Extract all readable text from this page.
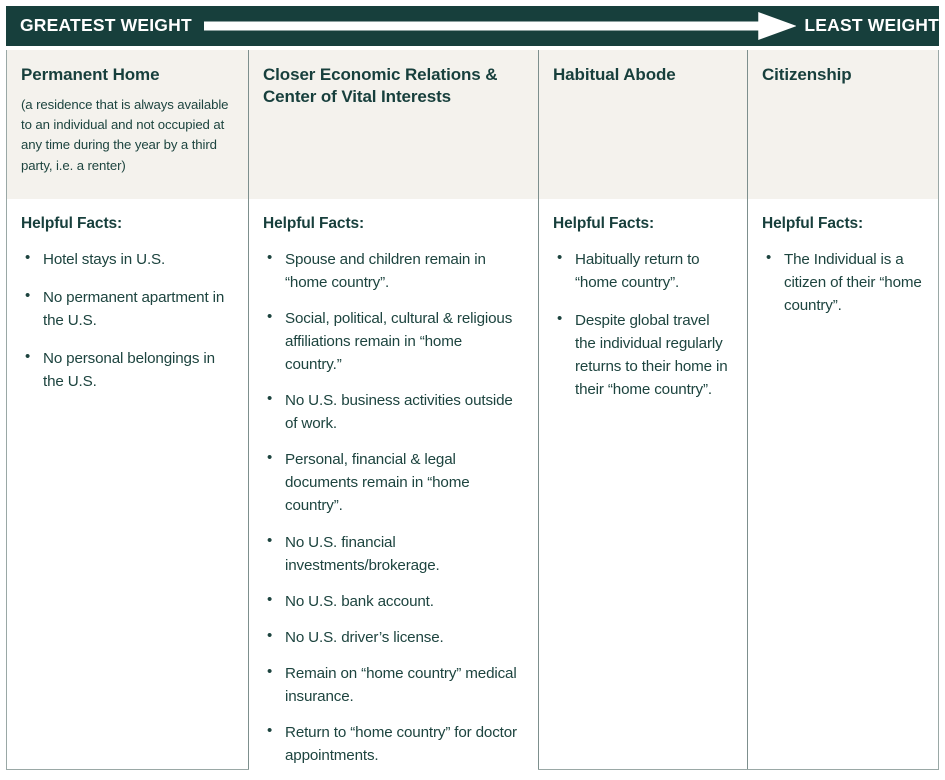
GREATEST WEIGHT	LEAST WEIGHT
Permanent Home
(a residence that is always available to an individual and not occupied at any time during the year by a third party, i.e. a renter)
Helpful Facts:
• Hotel stays in U.S.
• No permanent apartment in the U.S.
• No personal belongings in the U.S.
Closer Economic Relations & Center of Vital Interests
Helpful Facts:
• Spouse and children remain in “home country”.
• Social, political, cultural & religious affiliations remain in “home country.”
• No U.S. business activities outside of work.
• Personal, financial & legal documents remain in “home country”.
• No U.S. financial investments/brokerage.
• No U.S. bank account.
• No U.S. driver’s license.
• Remain on “home country” medical insurance.
• Return to “home country” for doctor appointments.
Habitual Abode
Helpful Facts:
• Habitually return to “home country”.
• Despite global travel the individual regularly returns to their home in their “home country”.
Citizenship
Helpful Facts:
• The Individual is a citizen of their “home country”.
